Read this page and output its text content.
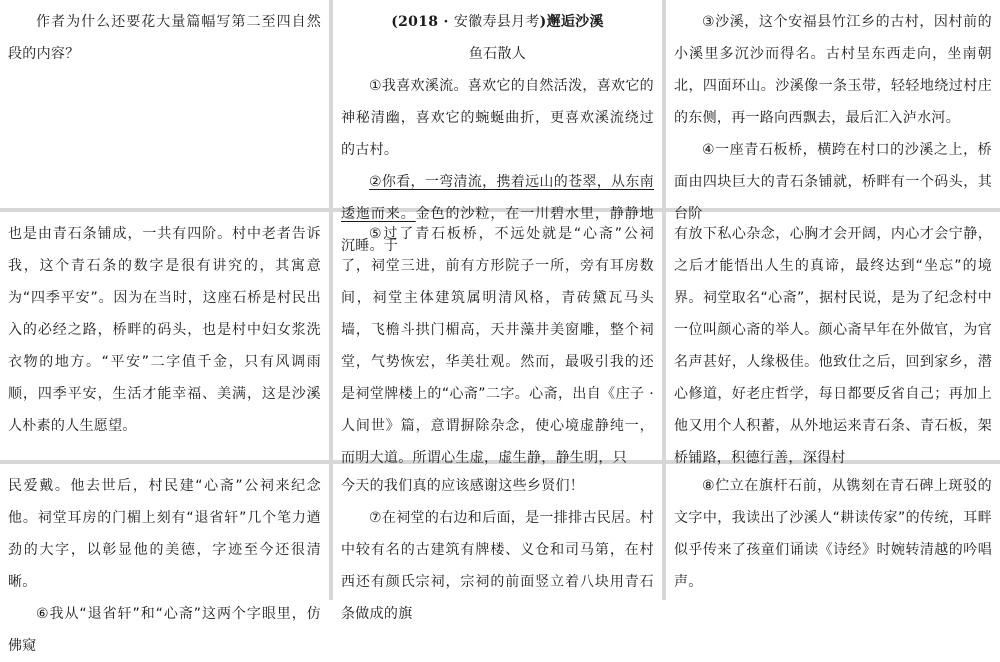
作者为什么还要花大量篇幅写第二至四自然段的内容？

(2018 · 安徽寿县月考)邂逅沙溪

鱼石散人

①我喜欢溪流。喜欢它的自然活泼，喜欢它的神秘清幽，喜欢它的蜿蜒曲折，更喜欢溪流绕过的古村。

②你看，一弯清流，携着远山的苍翠，从东南逶迤而来。金色的沙粒，在一川碧水里，静静地沉睡。于

③沙溪，这个安福县竹江乡的古村，因村前的小溪里多沉沙而得名。古村呈东西走向，坐南朝北，四面环山。沙溪像一条玉带，轻轻地绕过村庄的东侧，再一路向西飘去，最后汇入泸水河。

④一座青石板桥，横跨在村口的沙溪之上，桥面由四块巨大的青石条铺就，桥畔有一个码头，其台阶

也是由青石条铺成，一共有四阶。村中老者告诉我，这个青石条的数字是很有讲究的，其寓意为“四季平安”。因为在当时，这座石桥是村民出入的必经之路，桥畔的码头，也是村中妇女浆洗衣物的地方。“平安”二字值千金，只有风调雨顺，四季平安，生活才能幸福、美满，这是沙溪人朴素的人生愿望。

⑤过了青石板桥，不远处就是“心斋”公祠了，祠堂三进，前有方形院子一所，旁有耳房数间，祠堂主体建筑属明清风格，青砖黛瓦马头墙，飞檐斗拱门楣高，天井藻井美窗雕，整个祠堂，气势恢宏，华美壮观。然而，最吸引我的还是祠堂牌楼上的“心斋”二字。心斋，出自《庄子 · 人间世》篇，意谓摒除杂念，使心境虚静纯一，而明大道。所谓心生虚，虚生静，静生明，只

有放下私心杂念，心胸才会开阔，内心才会宁静，之后才能悟出人生的真谛，最终达到“坐忘”的境界。祠堂取名“心斋”，据村民说，是为了纪念村中一位叫颜心斋的举人。颜心斋早年在外做官，为官名声甚好，人缘极佳。他致仕之后，回到家乡，潜心修道，好老庄哲学，每日都要反省自己；再加上他又用个人积蓄，从外地运来青石条、青石板，架桥铺路，积德行善，深得村

民爱戴。他去世后，村民建“心斋”公祠来纪念他。祠堂耳房的门楣上刻有“退省轩”几个笔力遒劲的大字，以彰显他的美德，字迹至今还很清晰。

⑥我从“退省轩”和“心斋”这两个字眼里，仿佛窥

今天的我们真的应该感谢这些乡贤们！

⑦在祠堂的右边和后面，是一排排古民居。村中较有名的古建筑有牌楼、义仓和司马第，在村西还有颜氏宗祠，宗祠的前面竖立着八块用青石条做成的旗

⑧伫立在旗杆石前，从镌刻在青石碑上斑驳的文字中，我读出了沙溪人“耕读传家”的传统，耳畔似乎传来了孩童们诵读《诗经》时婉转清越的吟唱声。
